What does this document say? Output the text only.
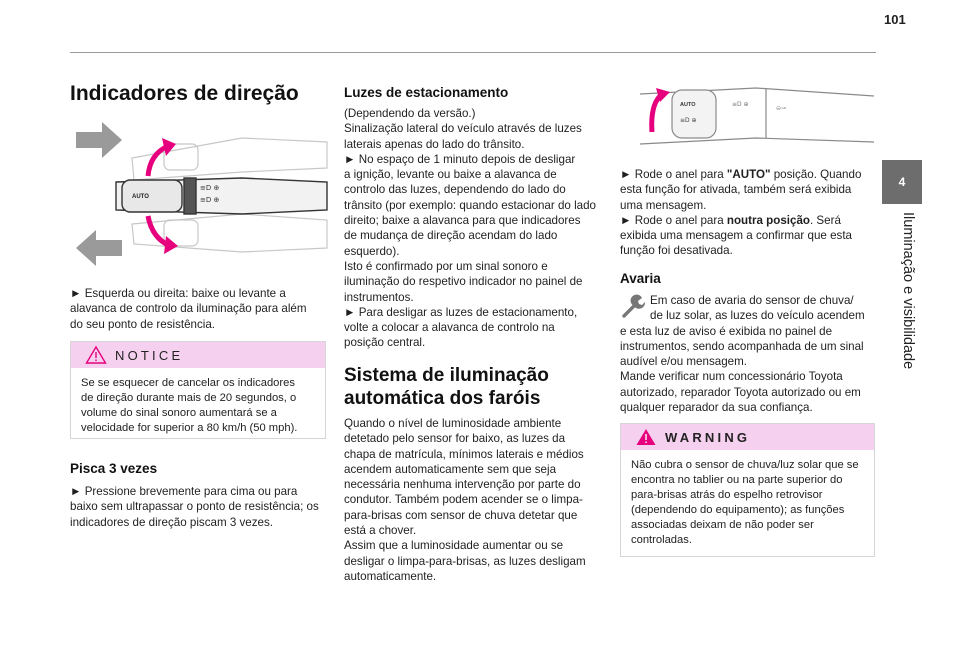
101
4
Iluminação e visibilidade
Indicadores de direção
AUTO
≡D ⊕
≡D ⊕
► Esquerda ou direita: baixe ou levante a
alavanca de controlo da iluminação para além
do seu ponto de resistência.
NOTICE
Se se esquecer de cancelar os indicadores
de direção durante mais de 20 segundos, o
volume do sinal sonoro aumentará se a
velocidade for superior a 80 km/h (50 mph).
Pisca 3 vezes
► Pressione brevemente para cima ou para
baixo sem ultrapassar o ponto de resistência; os
indicadores de direção piscam 3 vezes.
Luzes de estacionamento
(Dependendo da versão.)
Sinalização lateral do veículo através de luzes
laterais apenas do lado do trânsito.
► No espaço de 1 minuto depois de desligar
a ignição, levante ou baixe a alavanca de
controlo das luzes, dependendo do lado do
trânsito (por exemplo: quando estacionar do lado
direito; baixe a alavanca para que indicadores
de mudança de direção acendam do lado
esquerdo).
Isto é confirmado por um sinal sonoro e
iluminação do respetivo indicador no painel de
instrumentos.
► Para desligar as luzes de estacionamento,
volte a colocar a alavanca de controlo na
posição central.
Sistema de iluminação
automática dos faróis
Quando o nível de luminosidade ambiente
detetado pelo sensor for baixo, as luzes da
chapa de matrícula, mínimos laterais e médios
acendem automaticamente sem que seja
necessária nenhuma intervenção por parte do
condutor. Também podem acender se o limpa-
para-brisas com sensor de chuva detetar que
está a chover.
Assim que a luminosidade aumentar ou se
desligar o limpa-para-brisas, as luzes desligam
automaticamente.
AUTO
≡D ⊕
≡D ⊕
⊖⊸
► Rode o anel para "AUTO" posição. Quando
esta função for ativada, também será exibida
uma mensagem.
► Rode o anel para noutra posição. Será
exibida uma mensagem a confirmar que esta
função foi desativada.
Avaria
Em caso de avaria do sensor de chuva/
de luz solar, as luzes do veículo acendem
e esta luz de aviso é exibida no painel de
instrumentos, sendo acompanhada de um sinal
audível e/ou mensagem.
Mande verificar num concessionário Toyota
autorizado, reparador Toyota autorizado ou em
qualquer reparador da sua confiança.
WARNING
Não cubra o sensor de chuva/luz solar que se
encontra no tablier ou na parte superior do
para-brisas atrás do espelho retrovisor
(dependendo do equipamento); as funções
associadas deixam de não poder ser
controladas.
